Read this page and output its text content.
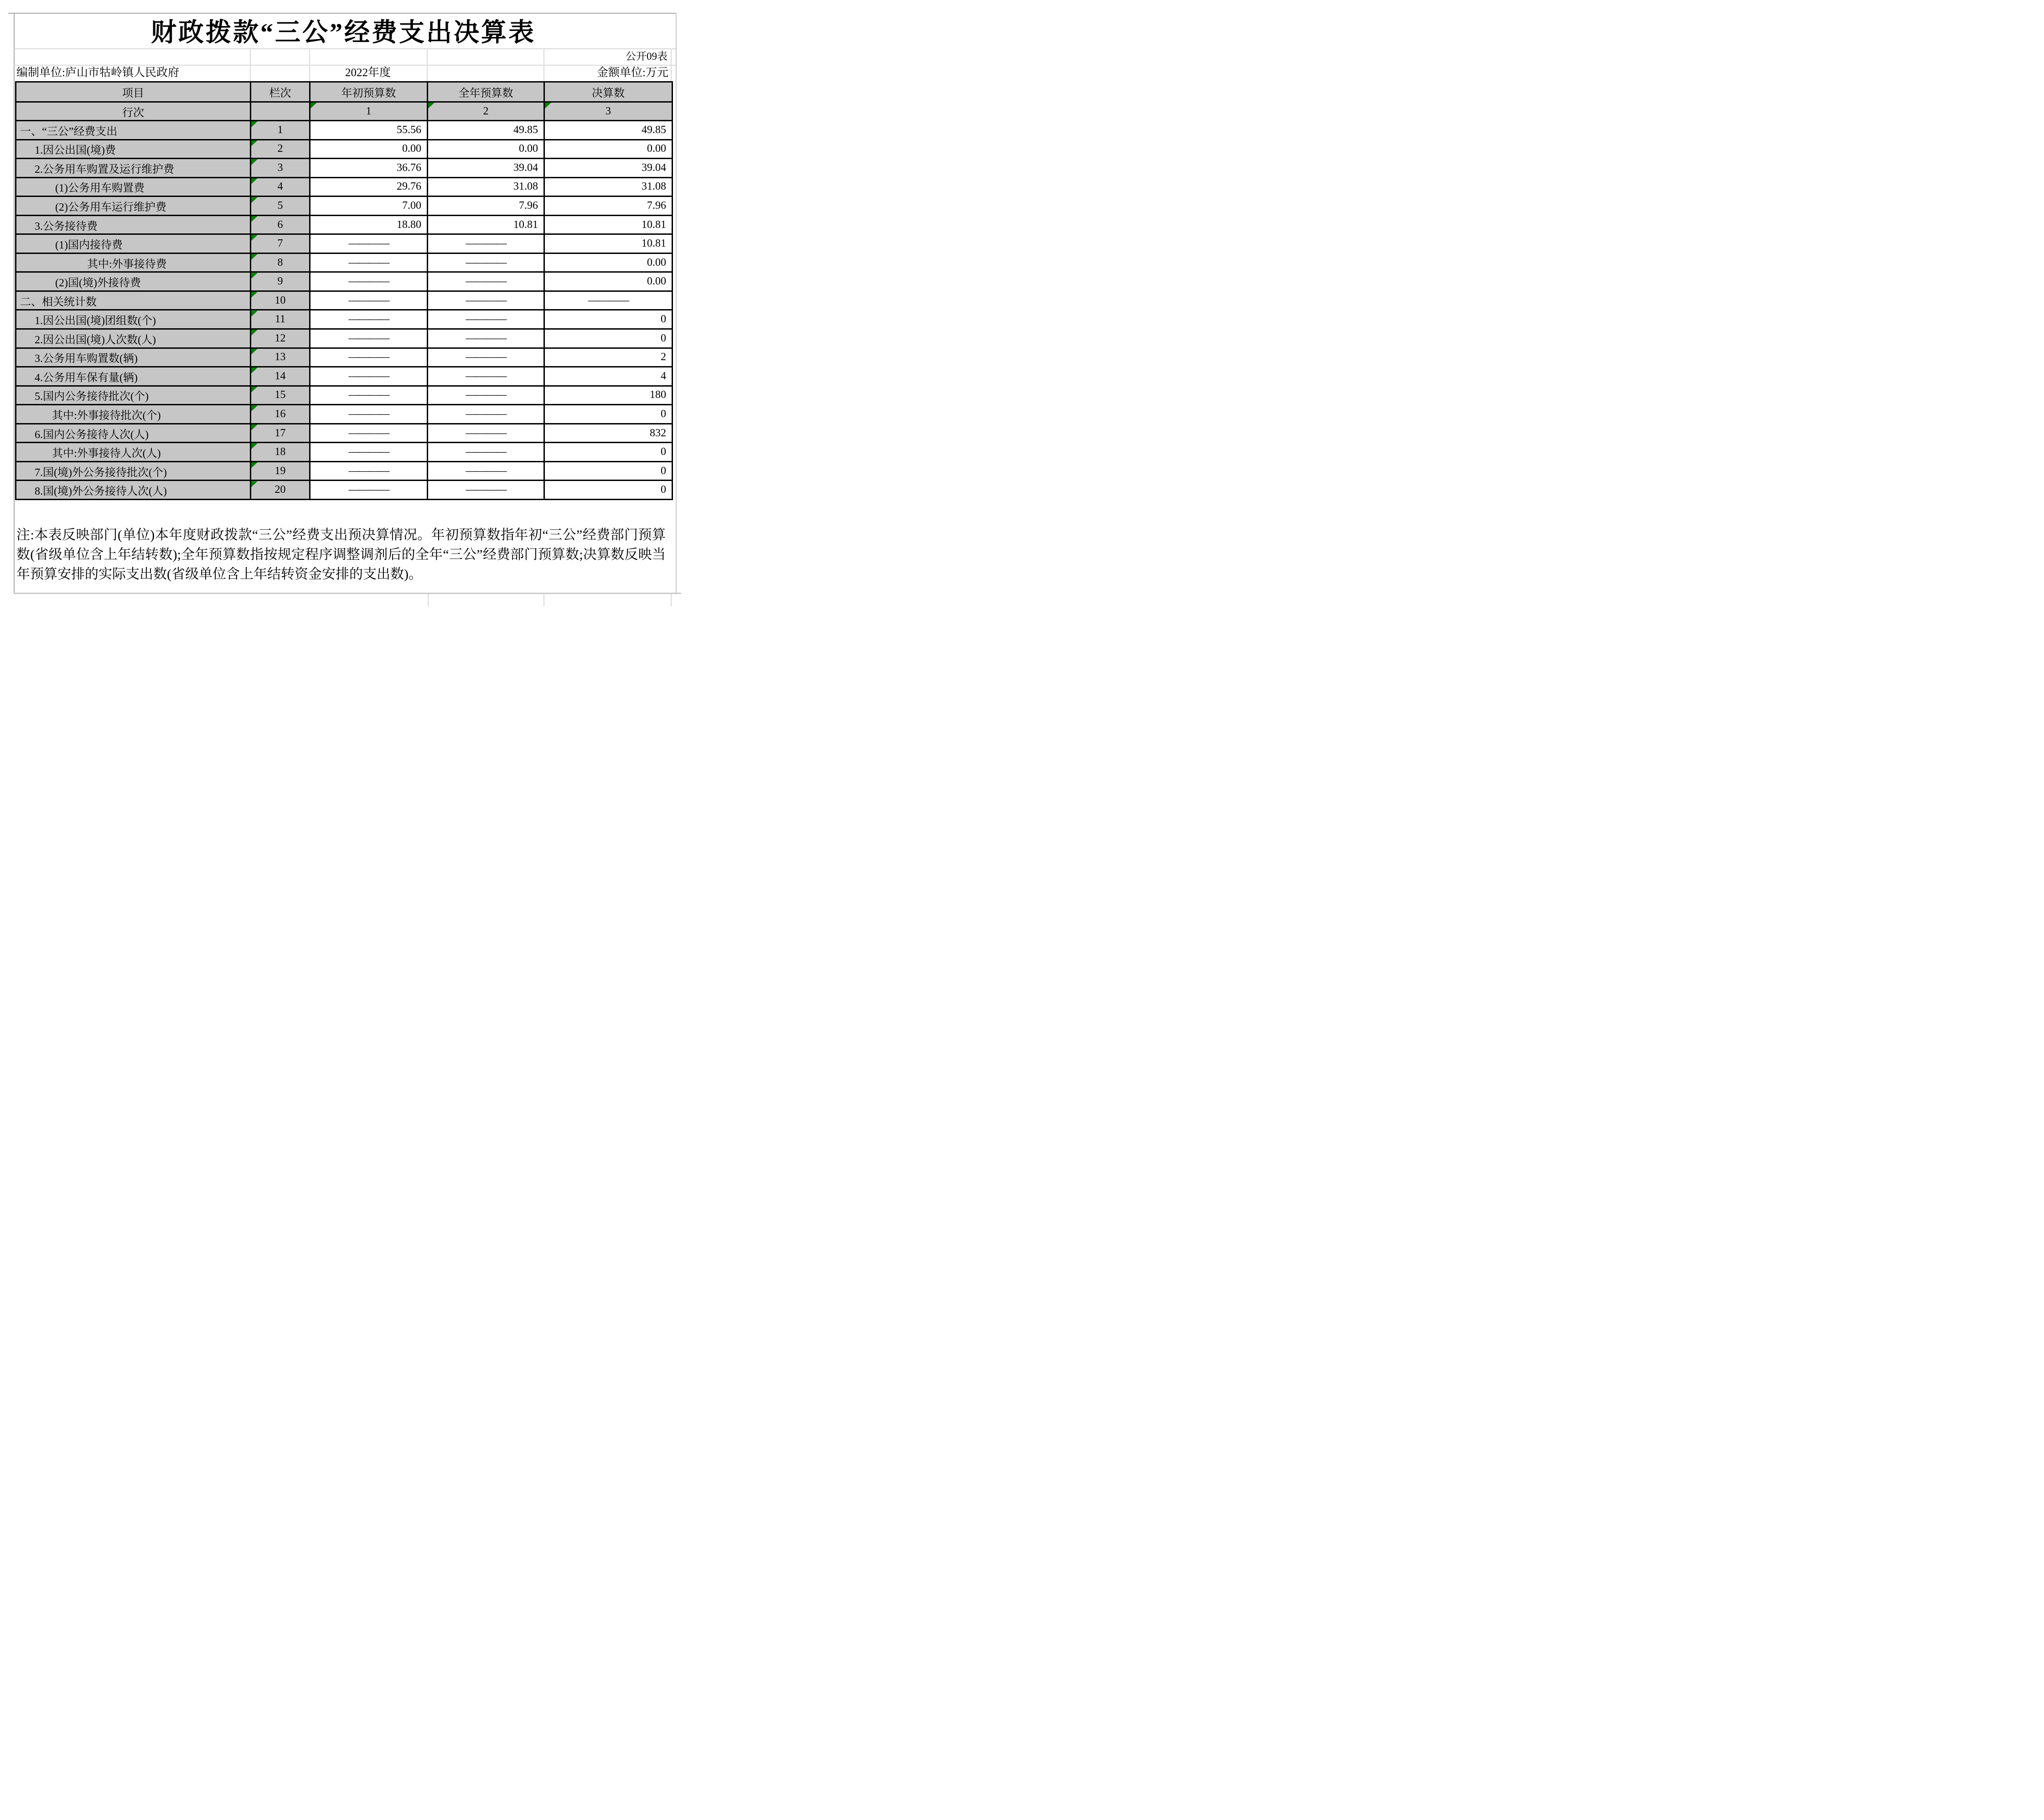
财政拨款“三公”经费支出决算表
公开09表
编制单位:庐山市牯岭镇人民政府	2022年度	金额单位:万元
项目	栏次	年初预算数	全年预算数	决算数
行次		1	2	3
一、“三公”经费支出	1	55.56	49.85	49.85
1.因公出国(境)费	2	0.00	0.00	0.00
2.公务用车购置及运行维护费	3	36.76	39.04	39.04
(1)公务用车购置费	4	29.76	31.08	31.08
(2)公务用车运行维护费	5	7.00	7.96	7.96
3.公务接待费	6	18.80	10.81	10.81
(1)国内接待费	7	————	————	10.81
其中:外事接待费	8	————	————	0.00
(2)国(境)外接待费	9	————	————	0.00
二、相关统计数	10	————	————	————
1.因公出国(境)团组数(个)	11	————	————	0
2.因公出国(境)人次数(人)	12	————	————	0
3.公务用车购置数(辆)	13	————	————	2
4.公务用车保有量(辆)	14	————	————	4
5.国内公务接待批次(个)	15	————	————	180
其中:外事接待批次(个)	16	————	————	0
6.国内公务接待人次(人)	17	————	————	832
其中:外事接待人次(人)	18	————	————	0
7.国(境)外公务接待批次(个)	19	————	————	0
8.国(境)外公务接待人次(人)	20	————	————	0
注:本表反映部门(单位)本年度财政拨款“三公”经费支出预决算情况。年初预算数指年初“三公”经费部门预算数(省级单位含上年结转数);全年预算数指按规定程序调整调剂后的全年“三公”经费部门预算数;决算数反映当年预算安排的实际支出数(省级单位含上年结转资金安排的支出数)。
